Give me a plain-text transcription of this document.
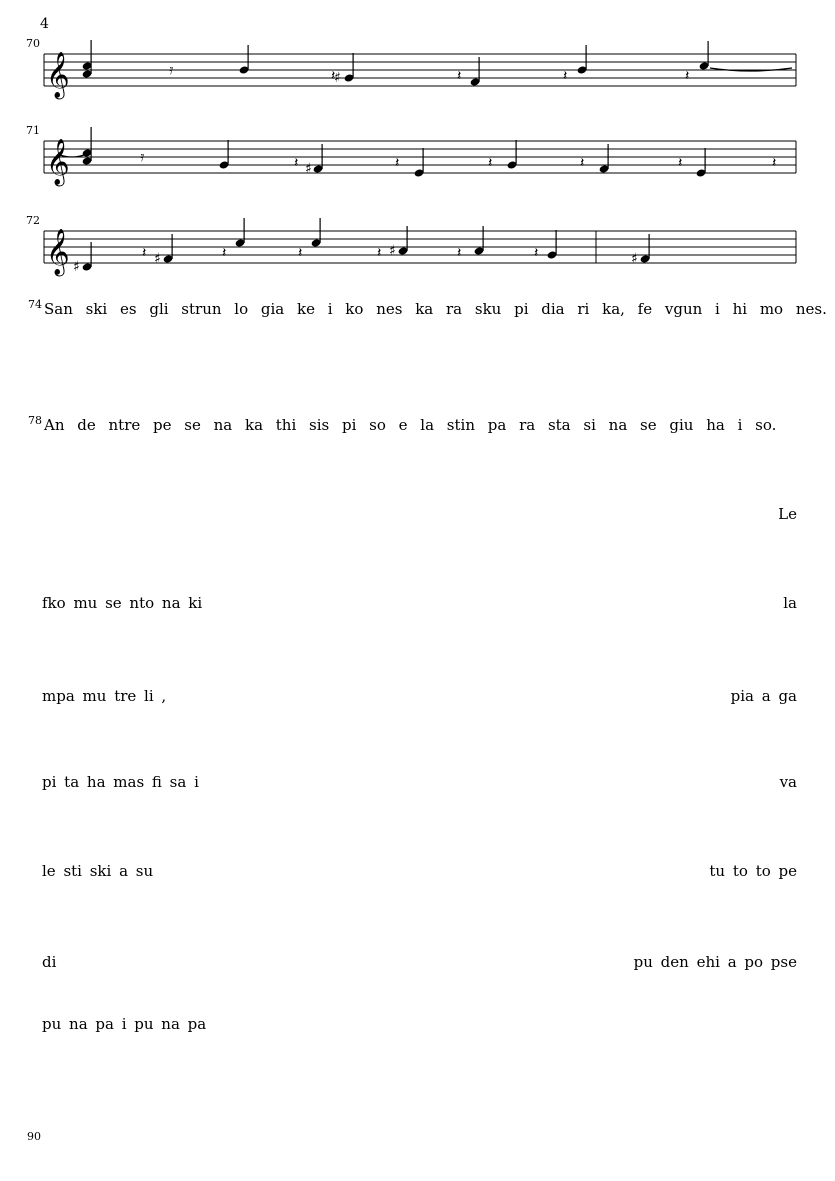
4
70
𝄞	𝄿	𝄽	𝄽	𝄽	𝄽
♯
71
𝄞	𝄿	𝄽	𝄽	𝄽	𝄽	𝄽	𝄽
♯
72
𝄞	𝄽	𝄽	𝄽	𝄽	𝄽	𝄽
♯	♯	♯	♯
$^{74}$ San ski es gli strun lo gia ke i ko nes ka ra sku pi dia ri ka, fe vgun i hi mo nes.
$^{78}$ An de ntre pe se na ka thi sis pi so e la stin pa ra sta si na se giu ha i so.
Le
fko mu se nto na ki	la
mpa mu tre li ,	pia a ga
pi ta ha mas fi sa i	va
le sti ski a su	tu to to pe
di	pu den ehi a po pse
pu na pa i pu na pa
90
